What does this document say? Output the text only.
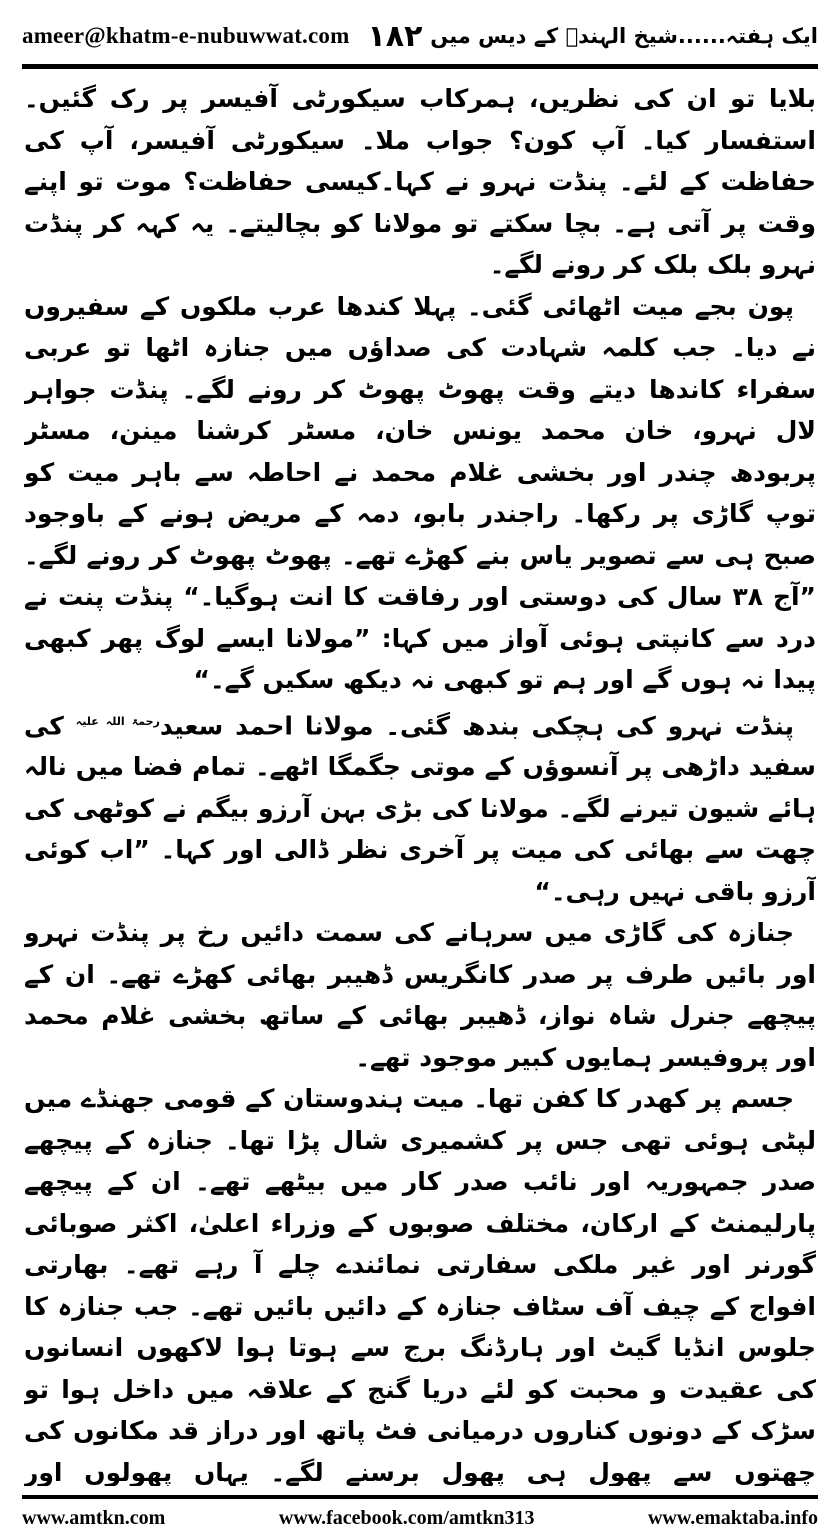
ameer@khatm-e-nubuwwat.com ۱۸۲ ایک ہفتہ......شیخ الہندؒ کے دیس میں

بلایا تو ان کی نظریں، ہمرکاب سیکورٹی آفیسر پر رک گئیں۔ استفسار کیا۔ آپ کون؟ جواب ملا۔ سیکورٹی آفیسر، آپ کی حفاظت کے لئے۔ پنڈت نہرو نے کہا۔کیسی حفاظت؟ موت تو اپنے وقت پر آتی ہے۔ بچا سکتے تو مولانا کو بچالیتے۔ یہ کہہ کر پنڈت نہرو بلک بلک کر رونے لگے۔

پون بجے میت اٹھائی گئی۔ پہلا کندھا عرب ملکوں کے سفیروں نے دیا۔ جب کلمہ شہادت کی صداؤں میں جنازہ اٹھا تو عربی سفراء کاندھا دیتے وقت پھوٹ پھوٹ کر رونے لگے۔ پنڈت جواہر لال نہرو، خان محمد یونس خان، مسٹر کرشنا مینن، مسٹر پربودھ چندر اور بخشی غلام محمد نے احاطہ سے باہر میت کو توپ گاڑی پر رکھا۔ راجندر بابو، دمہ کے مریض ہونے کے باوجود صبح ہی سے تصویر یاس بنے کھڑے تھے۔ پھوٹ پھوٹ کر رونے لگے۔ ”آج ۳۸ سال کی دوستی اور رفاقت کا انت ہوگیا۔“ پنڈت پنت نے درد سے کانپتی ہوئی آواز میں کہا: ”مولانا ایسے لوگ پھر کبھی پیدا نہ ہوں گے اور ہم تو کبھی نہ دیکھ سکیں گے۔“

پنڈت نہرو کی ہچکی بندھ گئی۔ مولانا احمد سعید$^{رحمۃ اللہ علیہ}$ کی سفید داڑھی پر آنسوؤں کے موتی جگمگا اٹھے۔ تمام فضا میں نالہ ہائے شیون تیرنے لگے۔ مولانا کی بڑی بہن آرزو بیگم نے کوٹھی کی چھت سے بھائی کی میت پر آخری نظر ڈالی اور کہا۔ ”اب کوئی آرزو باقی نہیں رہی۔“

جنازہ کی گاڑی میں سرہانے کی سمت دائیں رخ پر پنڈت نہرو اور بائیں طرف پر صدر کانگریس ڈھیبر بھائی کھڑے تھے۔ ان کے پیچھے جنرل شاہ نواز، ڈھیبر بھائی کے ساتھ بخشی غلام محمد اور پروفیسر ہمایوں کبیر موجود تھے۔

جسم پر کھدر کا کفن تھا۔ میت ہندوستان کے قومی جھنڈے میں لپٹی ہوئی تھی جس پر کشمیری شال پڑا تھا۔ جنازہ کے پیچھے صدر جمہوریہ اور نائب صدر کار میں بیٹھے تھے۔ ان کے پیچھے پارلیمنٹ کے ارکان، مختلف صوبوں کے وزراء اعلیٰ، اکثر صوبائی گورنر اور غیر ملکی سفارتی نمائندے چلے آ رہے تھے۔ بھارتی افواج کے چیف آف سٹاف جنازہ کے دائیں بائیں تھے۔ جب جنازہ کا جلوس انڈیا گیٹ اور ہارڈنگ برج سے ہوتا ہوا لاکھوں انسانوں کی عقیدت و محبت کو لئے دریا گنج کے علاقہ میں داخل ہوا تو سڑک کے دونوں کناروں درمیانی فٹ پاتھ اور دراز قد مکانوں کی چھتوں سے پھول ہی پھول برسنے لگے۔ یہاں پھولوں اور

www.amtkn.com	www.facebook.com/amtkn313	www.emaktaba.info
